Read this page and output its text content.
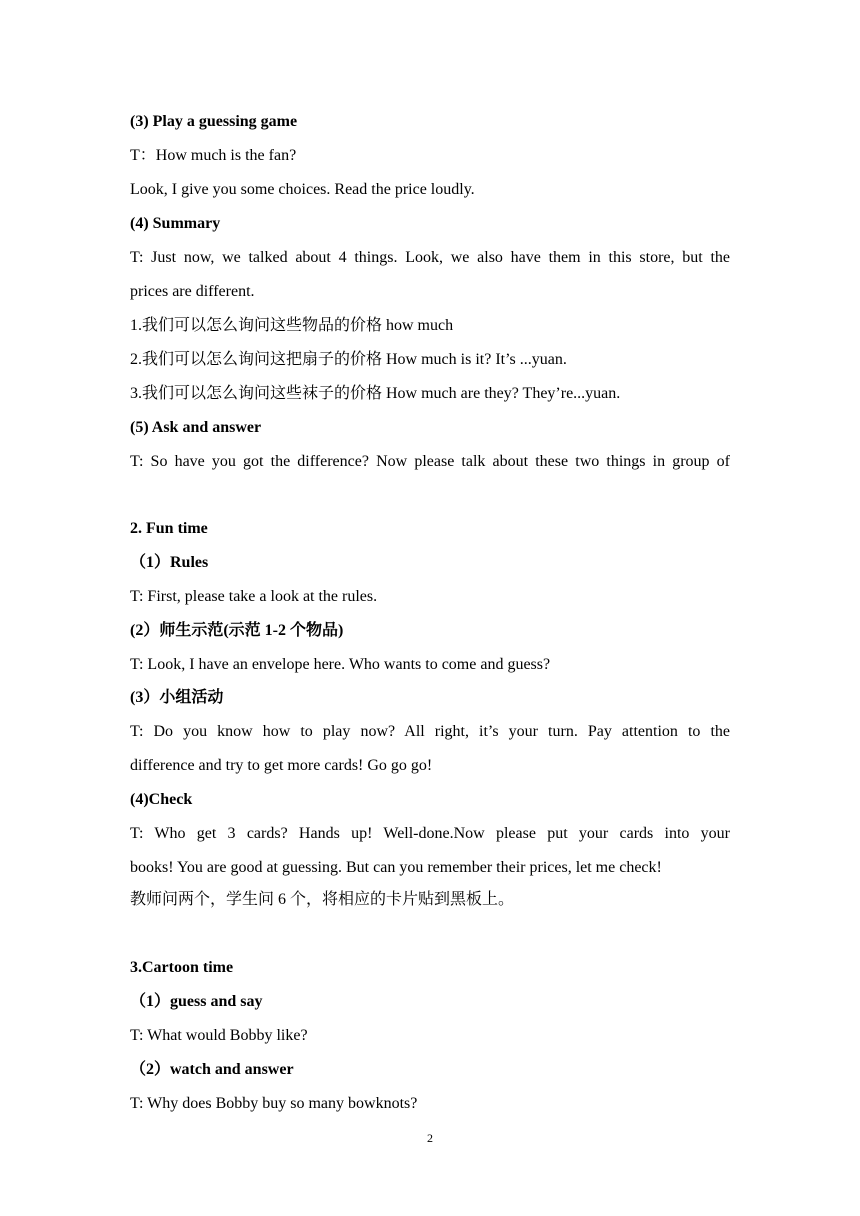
(3) Play a guessing game
T：How much is the fan?
Look, I give you some choices. Read the price loudly.
(4) Summary
T: Just now, we talked about 4 things. Look, we also have them in this store, but the
prices are different.
1.我们可以怎么询问这些物品的价格 how much
2.我们可以怎么询问这把扇子的价格 How much is it? It’s ...yuan.
3.我们可以怎么询问这些袜子的价格 How much are they? They’re...yuan.
(5) Ask and answer
T: So have you got the difference? Now please talk about these two things in group of
2. Fun time
（1）Rules
T: First, please take a look at the rules.
(2）师生示范(示范 1-2 个物品)
T: Look, I have an envelope here. Who wants to come and guess?
(3）小组活动
T: Do you know how to play now? All right, it’s your turn. Pay attention to the
difference and try to get more cards! Go go go!
(4)Check
T: Who get 3 cards? Hands up! Well-done.Now please put your cards into your
books! You are good at guessing. But can you remember their prices, let me check!
教师问两个，学生问 6 个，将相应的卡片贴到黑板上。
3.Cartoon time
（1）guess and say
T: What would Bobby like?
（2）watch and answer
T: Why does Bobby buy so many bowknots?
2
